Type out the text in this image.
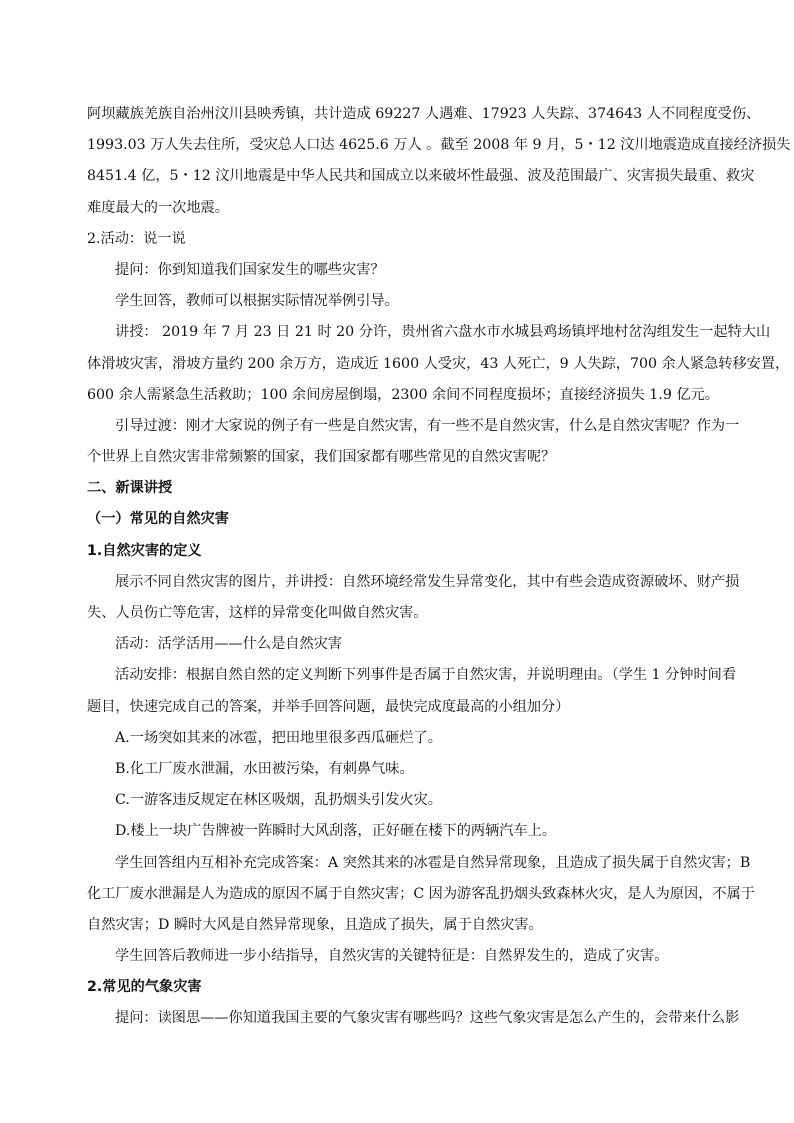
阿坝藏族羌族自治州汶川县映秀镇，共计造成 69227 人遇难、17923 人失踪、374643 人不同程度受伤、
1993.03 万人失去住所，受灾总人口达 4625.6 万人 。截至 2008 年 9 月，5・12 汶川地震造成直接经济损失
8451.4 亿，5・12 汶川地震是中华人民共和国成立以来破坏性最强、波及范围最广、灾害损失最重、救灾
难度最大的一次地震。
2.活动：说一说
提问：你到知道我们国家发生的哪些灾害？
学生回答，教师可以根据实际情况举例引导。
讲授： 2019 年 7 月 23 日 21 时 20 分许，贵州省六盘水市水城县鸡场镇坪地村岔沟组发生一起特大山
体滑坡灾害，滑坡方量约 200 余万方，造成近 1600 人受灾，43 人死亡，9 人失踪，700 余人紧急转移安置，
600 余人需紧急生活救助；100 余间房屋倒塌，2300 余间不同程度损坏；直接经济损失 1.9 亿元。
引导过渡：刚才大家说的例子有一些是自然灾害，有一些不是自然灾害，什么是自然灾害呢？作为一
个世界上自然灾害非常频繁的国家，我们国家都有哪些常见的自然灾害呢？
二、新课讲授
（一）常见的自然灾害
1.自然灾害的定义
展示不同自然灾害的图片，并讲授：自然环境经常发生异常变化，其中有些会造成资源破坏、财产损
失、人员伤亡等危害，这样的异常变化叫做自然灾害。
活动：活学活用——什么是自然灾害
活动安排：根据自然自然的定义判断下列事件是否属于自然灾害，并说明理由。（学生 1 分钟时间看
题目，快速完成自己的答案，并举手回答问题，最快完成度最高的小组加分）
A.一场突如其来的冰雹，把田地里很多西瓜砸烂了。
B.化工厂废水泄漏，水田被污染，有刺鼻气味。
C.一游客违反规定在林区吸烟，乱扔烟头引发火灾。
D.楼上一块广告牌被一阵瞬时大风刮落，正好砸在楼下的两辆汽车上。
学生回答组内互相补充完成答案：A 突然其来的冰雹是自然异常现象，且造成了损失属于自然灾害；B
化工厂废水泄漏是人为造成的原因不属于自然灾害；C 因为游客乱扔烟头致森林火灾，是人为原因，不属于
自然灾害；D 瞬时大风是自然异常现象，且造成了损失，属于自然灾害。
学生回答后教师进一步小结指导，自然灾害的关键特征是：自然界发生的，造成了灾害。
2.常见的气象灾害
提问：读图思——你知道我国主要的气象灾害有哪些吗？这些气象灾害是怎么产生的，会带来什么影
